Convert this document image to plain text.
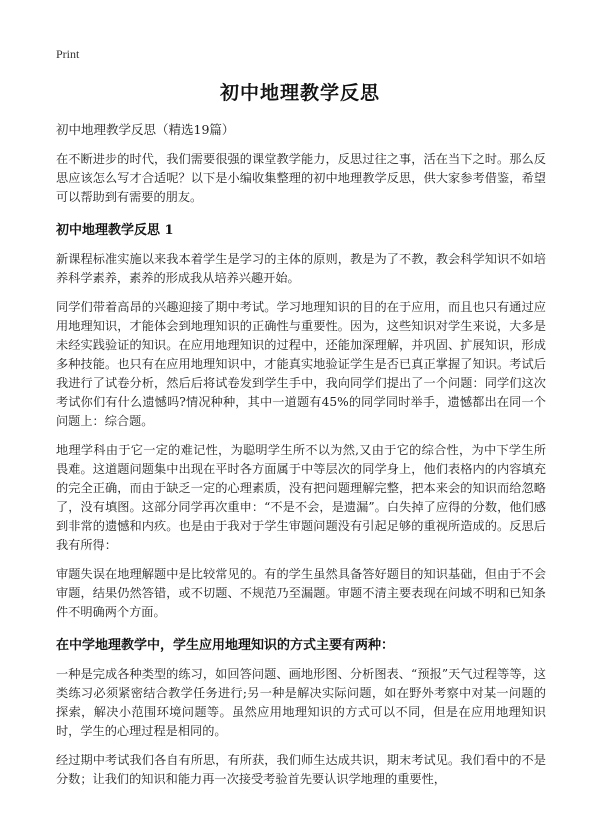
Print
初中地理教学反思

初中地理教学反思（精选19篇）

在不断进步的时代，我们需要很强的课堂教学能力，反思过往之事，活在当下之时。那么反思应该怎么写才合适呢？以下是小编收集整理的初中地理教学反思，供大家参考借鉴，希望可以帮助到有需要的朋友。

初中地理教学反思 1

新课程标准实施以来我本着学生是学习的主体的原则，教是为了不教，教会科学知识不如培养科学素养，素养的形成我从培养兴趣开始。

同学们带着高昂的兴趣迎接了期中考试。学习地理知识的目的在于应用，而且也只有通过应用地理知识，才能体会到地理知识的正确性与重要性。因为，这些知识对学生来说，大多是未经实践验证的知识。在应用地理知识的过程中，还能加深理解，并巩固、扩展知识，形成多种技能。也只有在应用地理知识中，才能真实地验证学生是否已真正掌握了知识。考试后我进行了试卷分析，然后后将试卷发到学生手中，我向同学们提出了一个问题：同学们这次考试你们有什么遗憾吗?情况种种，其中一道题有45%的同学同时举手，遗憾都出在同一个问题上：综合题。

地理学科由于它一定的难记性，为聪明学生所不以为然,又由于它的综合性，为中下学生所畏难。这道题问题集中出现在平时各方面属于中等层次的同学身上，他们表格内的内容填充的完全正确，而由于缺乏一定的心理素质，没有把问题理解完整，把本来会的知识而给忽略了，没有填图。这部分同学再次重申：“不是不会，是遗漏”。白失掉了应得的分数，他们感到非常的遗憾和内疚。也是由于我对于学生审题问题没有引起足够的重视所造成的。反思后我有所得：

审题失误在地理解题中是比较常见的。有的学生虽然具备答好题目的知识基础，但由于不会审题，结果仍然答错，或不切题、不规范乃至漏题。审题不清主要表现在问域不明和已知条件不明确两个方面。

在中学地理教学中，学生应用地理知识的方式主要有两种：

一种是完成各种类型的练习，如回答问题、画地形图、分析图表、“预报”天气过程等等，这类练习必须紧密结合教学任务进行;另一种是解决实际问题，如在野外考察中对某一问题的探索，解决小范围环境问题等。虽然应用地理知识的方式可以不同，但是在应用地理知识时，学生的心理过程是相同的。

经过期中考试我们各自有所思，有所获，我们师生达成共识，期末考试见。我们看中的不是分数；让我们的知识和能力再一次接受考验首先要认识学地理的重要性，
